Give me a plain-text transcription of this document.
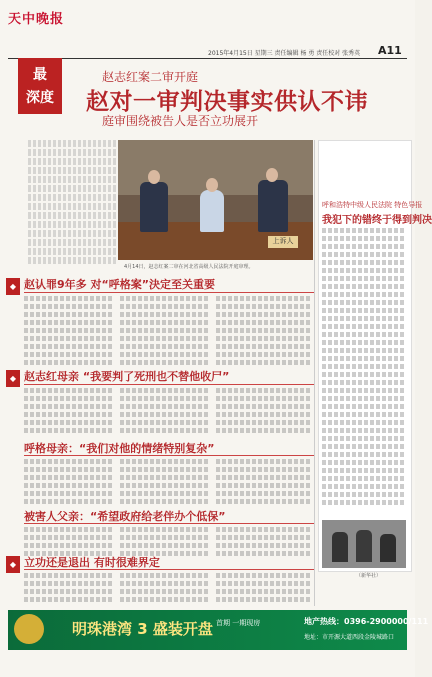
天中晚报
2015年4月15日 星期三 责任编辑 杨 勇 责任校对 张秀英 A11
最
深度
赵志红案二审开庭
赵对一审判决事实供认不讳
庭审围绕被告人是否立功展开
上诉人
4月14日，赵志红案二审在河北省高级人民法院开庭审理。
◆ 赵认罪9年多 对“呼格案”決定至关重要
◆ 赵志红母亲 “我要判了死刑也不替他收尸”
呼格母亲：“我们对他的情绪特别复杂”
被害人父亲：“希望政府给老伴办个低保”
◆ 立功还是退出 有时很难界定
呼和浩特中级人民法院 特色导报
我犯下的错终于得到判决
（新华社）
明珠港湾 3 盛装开盘 首期 一期现房	地产热线：0396-2900000/111
地址：市开源大道西段金陵城路口
